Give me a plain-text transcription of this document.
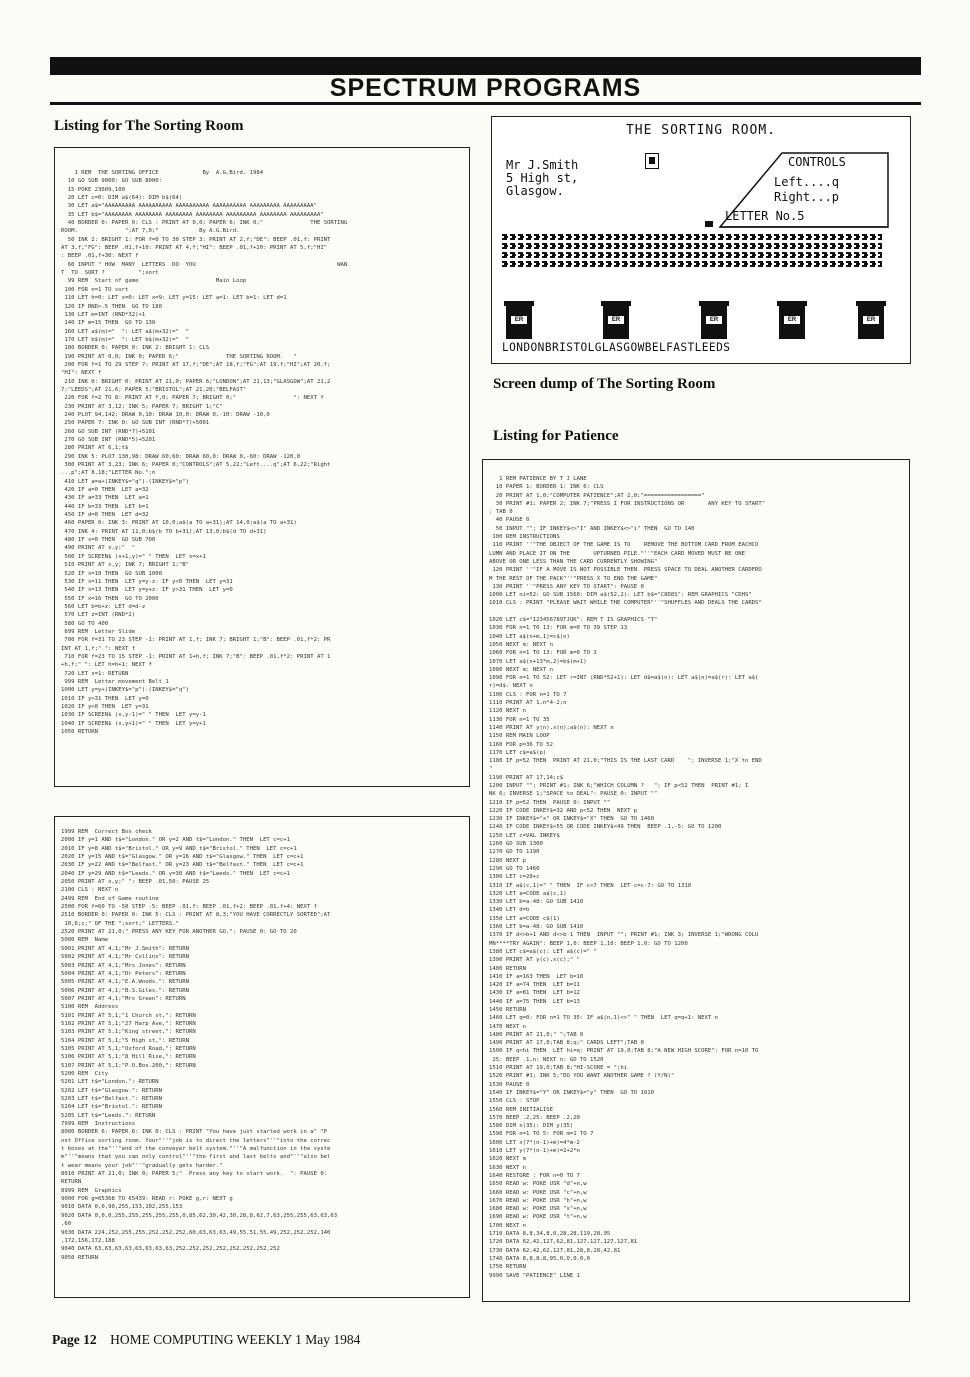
SPECTRUM PROGRAMS
Listing for The Sorting Room
1 REM  THE SORTING OFFICE             By  A.G.Bird. 1984
10 GO SUB 9000: GO SUB 8000:
15 POKE 23609,100
20 LET c=0: DIM a$(64): DIM b$(64)
30 LET a$="AAAAAAAAA AAAAAAAAAA AAAAAAAAAA AAAAAAAAAA AAAAAAAAA AAAAAAAAA"
35 LET b$="AAAAAAAA AAAAAAAA AAAAAAAA AAAAAAAA AAAAAAAAA AAAAAAAA AAAAAAAAA"
40 BORDER 0: PAPER 0: CLS : PRINT AT 0,0; PAPER 6; INK 0;"              THE SORTING
ROOM.              ";AT 7,0;"            By A.G.Bird.
50 INK 2: BRIGHT 1: FOR f=0 TO 30 STEP 3: PRINT AT 2,f;"DE": BEEP .01,f: PRINT
AT 3,f;"FG": BEEP .01,f+10: PRINT AT 4,f;"HI": BEEP .01,f+20: PRINT AT 5,f;"HI"
: BEEP .01,f+30: NEXT f
60 INPUT " HOW  MANY  LETTERS  DO  YOU                                          WAN
T  TO  SORT ?          ";sort
99 REM  Start of game                       Main Loop
100 FOR n=1 TO sort
110 LET h=0: LET s=0: LET x=9: LET y=15: LET a=1: LET b=1: LET d=1
120 IF RND>.5 THEN  GO TO 180
130 LET m=INT (RND*32)+1
140 IF m=15 THEN  GO TO 130
160 LET a$(m)="  ": LET a$(m+32)="  "
170 LET b$(m)="  ": LET b$(m+32)="  "
180 BORDER 0: PAPER 0: INK 2: BRIGHT 1: CLS
190 PRINT AT 0,0; INK 0; PAPER 6;"              THE SORTING ROOM.   "
200 FOR f=1 TO 29 STEP 7: PRINT AT 17,f;"DE";AT 18,f;"FG";AT 19,f;"HI";AT 20,f;
"HI": NEXT f
210 INK 0: BRIGHT 0: PRINT AT 21,0; PAPER 6;"LONDON";AT 21,13;"GLASGOW";AT 21,2
7;"LEEDS";AT 21,6; PAPER 5;"BRISTOL";AT 21,20;"BELFAST"
220 FOR f=2 TO 8: PRINT AT f,0; PAPER 7; BRIGHT 0;"                 ": NEXT f
230 PRINT AT 3,12; INK 5; PAPER 7; BRIGHT 1;"C"
240 PLOT 94,142: DRAW 0,10: DRAW 10,0: DRAW 0,-10: DRAW -10,0
250 PAPER 7: INK 0: GO SUB INT (RND*7)+5001
260 GO SUB INT (RND*7)+5101
270 GO SUB INT (RND*5)+5201
280 PRINT AT 6,1;t$
290 INK 5: PLOT 130,98: DRAW 60,60: DRAW 60,0: DRAW 0,-60: DRAW -120,0
300 PRINT AT 3,23; INK 6; PAPER 0;"CONTROLS";AT 5,22;"Left....q";AT 6,22;"Right
...p";AT 8,18;"LETTER No.";n
410 LET a=a+(INKEY$="q")-(INKEY$="p")
420 IF a=0 THEN  LET a=32
430 IF a=33 THEN  LET a=1
440 IF b=33 THEN  LET b=1
450 IF d=0 THEN  LET d=32
460 PAPER 0: INK 3: PRINT AT 10,0;a$(a TO a+31);AT 14,0;a$(a TO a+31)
470 INK 4: PRINT AT 11,0;b$(b TO b+31);AT 13,0;b$(d TO d+31)
480 IF s=0 THEN  GO SUB 700
490 PRINT AT x,y;"  "
500 IF SCREEN$ (x+1,y)=" " THEN  LET x=x+1
510 PRINT AT x,y; INK 7; BRIGHT 1;"B"
520 IF x=10 THEN  GO SUB 1000
530 IF x=11 THEN  LET y=y-z: IF y<0 THEN  LET y=31
540 IF x=13 THEN  LET y=y+z: IF y>31 THEN  LET y=0
550 IF x=16 THEN  GO TO 2000
560 LET b=b+z: LET d=d-z
570 LET z=INT (RND*2)
580 GO TO 400
699 REM  Letter Slide
700 FOR f=31 TO 23 STEP -1: PRINT AT 1,f; INK 7; BRIGHT 1;"B": BEEP .01,f*2: PR
INT AT 1,f;" ": NEXT f
710 FOR f=23 TO 15 STEP -1: PRINT AT 1+h,f; INK 7;"B": BEEP .01,f*2: PRINT AT 1
+h,f;" ": LET h=h+1: NEXT f
720 LET s=1: RETURN
999 REM  Letter movement Belt 1
1000 LET y=y+(INKEY$="p")-(INKEY$="q")
1010 IF y>31 THEN  LET y=0
1020 IF y<0 THEN  LET y=31
1030 IF SCREEN$ (x,y-1)=" " THEN  LET y=y-1
1040 IF SCREEN$ (x,y+1)=" " THEN  LET y=y+1
1050 RETURN
1999 REM  Correct Box check
2000 IF y=1 AND t$="London." OR y=2 AND t$="London." THEN  LET c=c+1
2010 IF y=8 AND t$="Bristol." OR y=9 AND t$="Bristol." THEN  LET c=c+1
2020 IF y=15 AND t$="Glasgow." OR y=16 AND t$="Glasgow." THEN  LET c=c+1
2030 IF y=22 AND t$="Belfast." OR y=23 AND t$="Belfast." THEN  LET c=c+1
2040 IF y=29 AND t$="Leeds." OR y=30 AND t$="Leeds." THEN  LET c=c+1
2050 PRINT AT x,y;" ": BEEP .01,50: PAUSE 25
2100 CLS : NEXT n
2499 REM  End of Game routine
2500 FOR f=60 TO -50 STEP -5: BEEP .01,f: BEEP .01,f+2: BEEP .01,f+4: NEXT f
2510 BORDER 0: PAPER 0: INK 5: CLS : PRINT AT 8,3;"YOU HAVE CORRECTLY SORTED";AT
10,6;c;" OF THE ";sort;" LETTERS."
2520 PRINT AT 21,0;" PRESS ANY KEY FOR ANOTHER GO.": PAUSE 0: GO TO 20
5000 REM  Name
5001 PRINT AT 4,1;"Mr J.Smith": RETURN
5002 PRINT AT 4,1;"Mr Collins": RETURN
5003 PRINT AT 4,1;"Mrs Jones": RETURN
5004 PRINT AT 4,1;"Dr Peters": RETURN
5005 PRINT AT 4,1;"E.A.Woods.": RETURN
5006 PRINT AT 4,1;"B.S.Giles.": RETURN
5007 PRINT AT 4,1;"Mrs Green": RETURN
5100 REM  Address
5101 PRINT AT 5,1;"1 Church st,": RETURN
5102 PRINT AT 5,1;"27 Harp Ave,": RETURN
5103 PRINT AT 5,1;"King street,": RETURN
5104 PRINT AT 5,1;"5 High st,": RETURN
5105 PRINT AT 5,1;"Oxford Road,": RETURN
5106 PRINT AT 5,1;"8 Hill Rise,": RETURN
5107 PRINT AT 5,1;"P.O.Box.200,": RETURN
5200 REM  City
5201 LET t$="London.": RETURN
5202 LET t$="Glasgow.": RETURN
5203 LET t$="Belfast.": RETURN
5204 LET t$="Bristol.": RETURN
5205 LET t$="Leeds.": RETURN
7999 REM  Instructions
8000 BORDER 6: PAPER 6: INK 0: CLS : PRINT "You have just started work in a" "P
ost Office sorting room. Your"''"job is to direct the letters"''"into the correc
t boxes at the"''"end of the conveyer belt system."''"A malfunction in the syste
m"''"means that you can only control"''"the first and last belts and"''"also bel
t wear means your job"''"gradually gets harder."
8010 PRINT AT 21,0; INK 0; PAPER 5;"  Press any key to start work.  ": PAUSE 0:
RETURN
8999 REM  Graphics
9000 FOR g=65368 TO 65439: READ r: POKE g,r: NEXT g
9010 DATA 0,0,90,255,153,102,255,153
9020 DATA 0,0,0,255,255,255,255,255,0,85,62,30,42,30,28,8,62,7,63,255,255,63,63,63
,60
9030 DATA 224,252,255,255,252,252,252,60,63,63,63,49,55,51,55,49,252,252,252,140
,172,156,172,188
9040 DATA 63,63,63,63,63,63,63,63,252,252,252,252,252,252,252,252
9050 RETURN
THE SORTING ROOM.
Mr J.Smith
5 High st,
Glasgow.
CONTROLS
Left....q
Right...p
LETTER No.5
ER	ER	ER	ER	ER
LONDONBRISTOLGLASGOWBELFASTLEEDS
Screen dump of The Sorting Room
Listing for Patience
1 REM PATIENCE BY T J LANE
10 PAPER 1: BORDER 1: INK 6: CLS
20 PRINT AT 1,0;"COMPUTER PATIENCE";AT 2,0;"================="
30 PRINT #1; PAPER 2; INK 7;"PRESS I FOR INSTRUCTIONS OR       ANY KEY TO START"
: TAB 0
40 PAUSE 0
50 INPUT ""; IF INKEY$<>"I" AND INKEY$<>"i" THEN  GO TO 140
100 REM INSTRUCTIONS
110 PRINT ''"THE OBJECT OF THE GAME IS TO    REMOVE THE BOTTOM CARD FROM EACHCO
LUMN AND PLACE IT ON THE       UPTURNED PILE."''"EACH CARD MOVED MUST BE ONE
ABOVE OR ONE LESS THAN THE CARD CURRENTLY SHOWING"
120 PRINT ''"IF A MOVE IS NOT POSSIBLE THEN  PRESS SPACE TO DEAL ANOTHER CARDFRO
M THE REST OF THE PACK"''"PRESS X TO END THE GAME"
130 PRINT ''"PRESS ANY KEY TO START": PAUSE 0
1000 LET ni=52: GO SUB 1560: DIM a$(52,2): LET b$="C8D8S": REM GRAPHICS "CDHS"
1010 CLS : PRINT "PLEASE WAIT WHILE THE COMPUTER"''"SHUFFLES AND DEALS THE CARDS"

1020 LET c$="123456789TJQK": REM T IS GRAPHICS "T"
1030 FOR n=1 TO 13: FOR m=0 TO 39 STEP 13
1040 LET a$(n+m,1)=c$(n)
1050 NEXT m: NEXT n
1060 FOR n=1 TO 13: FOR m=0 TO 3
1070 LET a$(n+13*m,2)=b$(m+1)
1080 NEXT m: NEXT n
1090 FOR n=1 TO 52: LET r=INT (RND*52+1): LET d$=a$(n): LET a$(n)=a$(r): LET a$(
r)=d$: NEXT n
1100 CLS : FOR n=1 TO 7
1110 PRINT AT 1,n*4-2;n
1120 NEXT n
1130 FOR n=1 TO 35
1140 PRINT AT y(n),x(n);a$(n): NEXT n
1150 REM MAIN LOOP
1160 FOR p=36 TO 52
1170 LET c$=a$(p)
1180 IF p=52 THEN  PRINT AT 21,0;"THIS IS THE LAST CARD    "; INVERSE 1;"X to END
"
1190 PRINT AT 17,14;c$
1200 INPUT ""; PRINT #1; INK 6;"WHICH COLUMN ?   "; IF p<52 THEN  PRINT #1; I
NK 6; INVERSE 1;"SPACE to DEAL": PAUSE 0: INPUT ""
1210 IF p=52 THEN  PAUSE 0: INPUT ""
1220 IF CODE INKEY$=32 AND p<52 THEN  NEXT p
1230 IF INKEY$="x" OR INKEY$="X" THEN  GO TO 1460
1240 IF CODE INKEY$>55 OR CODE INKEY$<49 THEN  BEEP .1,-5: GO TO 1200
1250 LET c=VAL INKEY$
1260 GO SUB 1300
1270 GO TO 1190
1280 NEXT p
1290 GO TO 1460
1300 LET c=20+c
1310 IF a$(c,1)=" " THEN  IF c<7 THEN  LET c=c-7: GO TO 1310
1320 LET a=CODE a$(c,1)
1330 LET b=a-48: GO SUB 1410
1340 LET d=b
1350 LET a=CODE c$(1)
1360 LET b=a-48: GO SUB 1410
1370 IF d<>b+1 AND d<>b-1 THEN  INPUT ""; PRINT #1; INK 3; INVERSE 1;"WRONG COLU
MN****TRY AGAIN": BEEP 1,0: BEEP 1,10: BEEP 1,0: GO TO 1200
1380 LET c$=a$(c): LET a$(c)=" "
1390 PRINT AT y(c),x(c);" "
1400 RETURN
1410 IF a=163 THEN  LET b=10
1420 IF a=74 THEN  LET b=11
1430 IF a=81 THEN  LET b=12
1440 IF a=75 THEN  LET b=13
1450 RETURN
1460 LET q=0: FOR n=1 TO 35: IF a$(n,1)<>" " THEN  LET q=q+1: NEXT n
1470 NEXT n
1480 PRINT AT 21,0;" ";TAB 0
1490 PRINT AT 17,0;TAB 8;q;" CARDS LEFT";TAB 0
1500 IF q<hi THEN  LET hi=q: PRINT AT 19,0;TAB 8;"A NEW HIGH SCORE": FOR n=10 TO
25: BEEP .1,n: NEXT n: GO TO 1520
1510 PRINT AT 19,0;TAB 8;"HI-SCORE = ";hi
1520 PRINT #1; INK 5;"DO YOU WANT ANOTHER GAME ? (Y/N)"
1530 PAUSE 0
1540 IF INKEY$="Y" OR INKEY$="y" THEN  GO TO 1010
1550 CLS : STOP
1560 REM INITIALISE
1570 BEEP .2,25: BEEP .2,20
1580 DIM x(35): DIM y(35)
1590 FOR n=1 TO 5: FOR m=1 TO 7
1600 LET x(7*(n-1)+m)=4*m-2
1610 LET y(7*(n-1)+m)=2+2*n
1620 NEXT m
1630 NEXT n
1640 RESTORE : FOR n=0 TO 7
1650 READ w: POKE USR "d"+n,w
1660 READ w: POKE USR "c"+n,w
1670 READ w: POKE USR "h"+n,w
1680 READ w: POKE USR "s"+n,w
1690 READ w: POKE USR "t"+n,w
1700 NEXT n
1710 DATA 8,8,34,8,0,28,28,119,28,95
1720 DATA 62,42,127,62,81,127,127,127,127,81
1730 DATA 62,42,62,127,81,28,8,28,42,81
1740 DATA 8,8,8,8,95,0,0,0,0,0
1750 RETURN
9990 SAVE "PATIENCE" LINE 1
Page 12 HOME COMPUTING WEEKLY 1 May 1984
